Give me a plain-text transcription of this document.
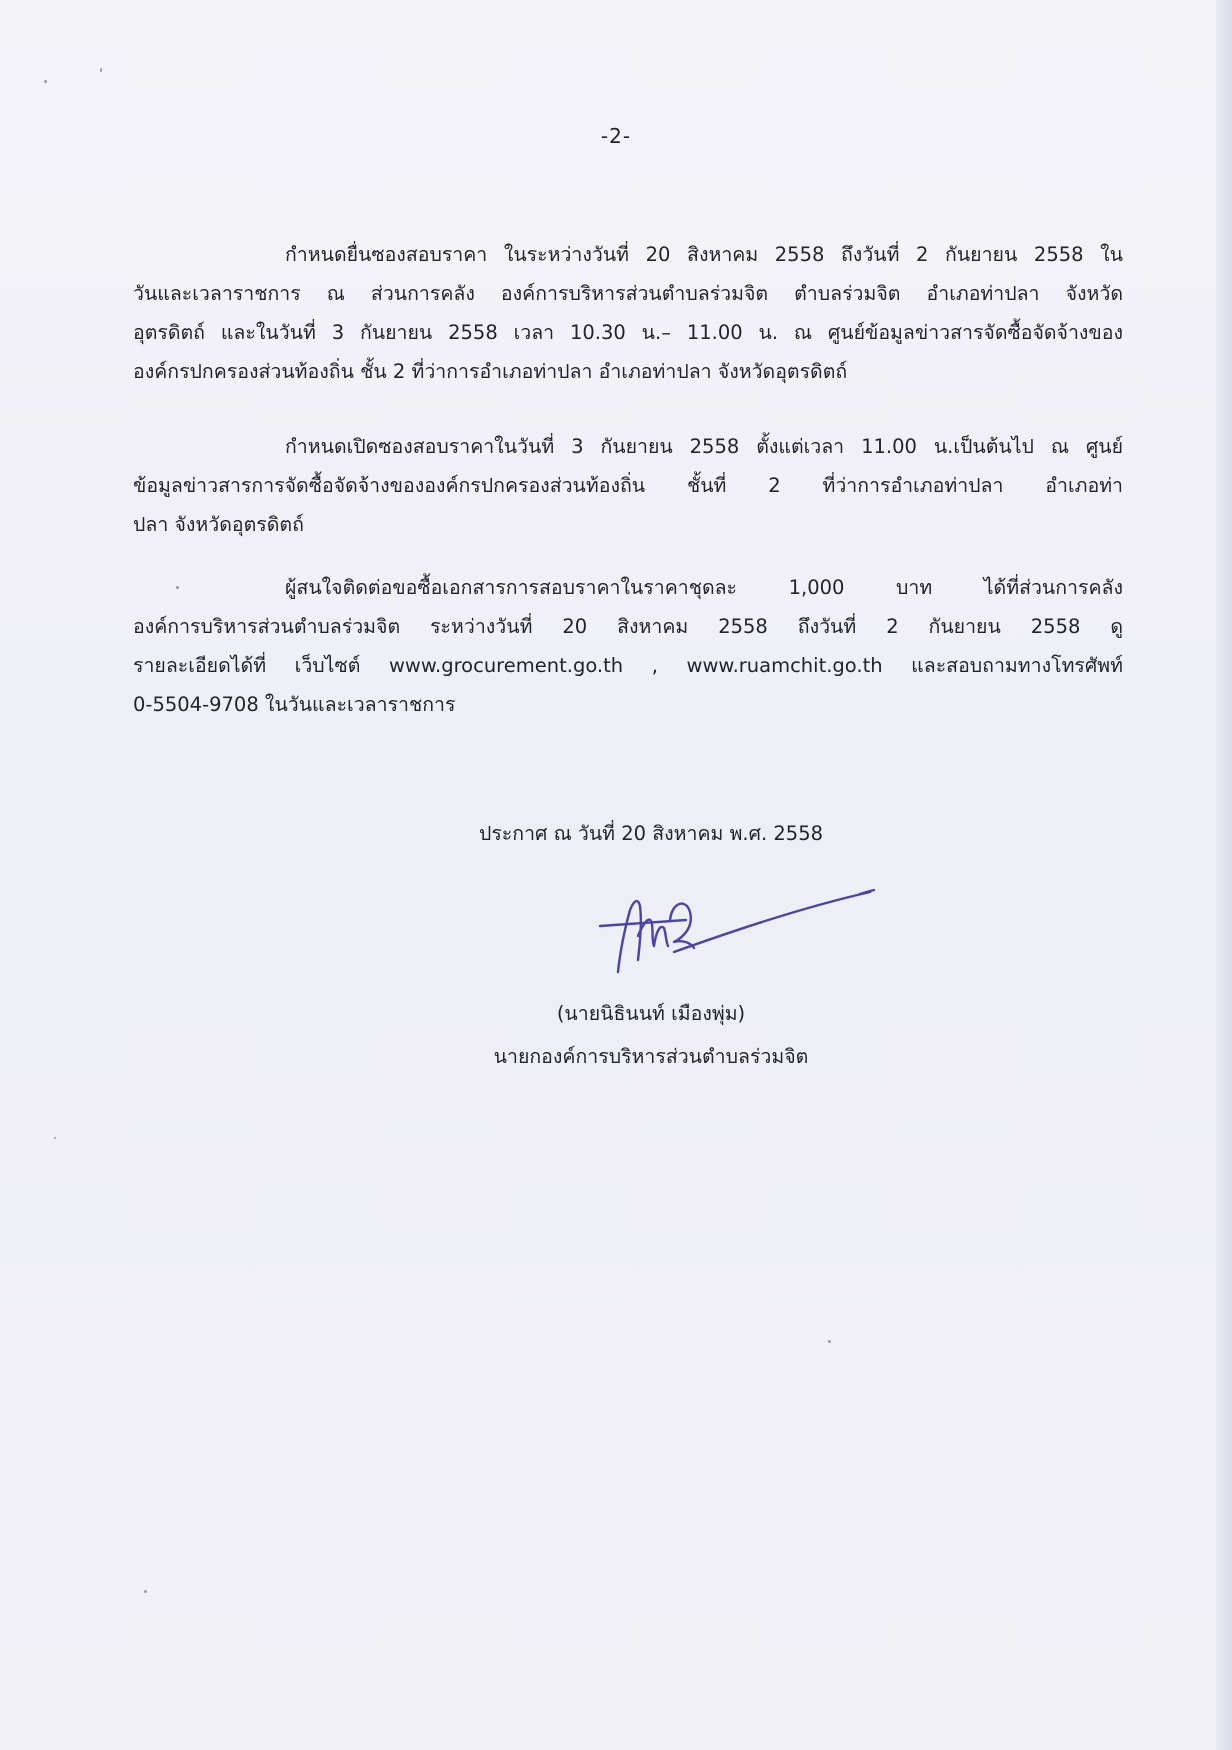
-2-
กำหนดยื่นซองสอบราคา ในระหว่างวันที่ 20 สิงหาคม 2558 ถึงวันที่ 2 กันยายน 2558 ใน
วันและเวลาราชการ ณ ส่วนการคลัง องค์การบริหารส่วนตำบลร่วมจิต ตำบลร่วมจิต อำเภอท่าปลา จังหวัด
อุตรดิตถ์ และในวันที่ 3 กันยายน 2558 เวลา 10.30 น.– 11.00 น. ณ ศูนย์ข้อมูลข่าวสารจัดซื้อจัดจ้างของ
องค์กรปกครองส่วนท้องถิ่น ชั้น 2 ที่ว่าการอำเภอท่าปลา อำเภอท่าปลา จังหวัดอุตรดิตถ์
กำหนดเปิดซองสอบราคาในวันที่ 3 กันยายน 2558 ตั้งแต่เวลา 11.00 น.เป็นต้นไป ณ ศูนย์
ข้อมูลข่าวสารการจัดซื้อจัดจ้างขององค์กรปกครองส่วนท้องถิ่น ชั้นที่ 2 ที่ว่าการอำเภอท่าปลา อำเภอท่า
ปลา จังหวัดอุตรดิตถ์
ผู้สนใจติดต่อขอซื้อเอกสารการสอบราคาในราคาชุดละ 1,000 บาท ได้ที่ส่วนการคลัง
องค์การบริหารส่วนตำบลร่วมจิต ระหว่างวันที่ 20 สิงหาคม 2558 ถึงวันที่ 2 กันยายน 2558 ดู
รายละเอียดได้ที่ เว็บไซต์ www.grocurement.go.th , www.ruamchit.go.th และสอบถามทางโทรศัพท์
0-5504-9708 ในวันและเวลาราชการ
ประกาศ ณ วันที่ 20 สิงหาคม พ.ศ. 2558
(นายนิธินนท์ เมืองพุ่ม)
นายกองค์การบริหารส่วนตำบลร่วมจิต
